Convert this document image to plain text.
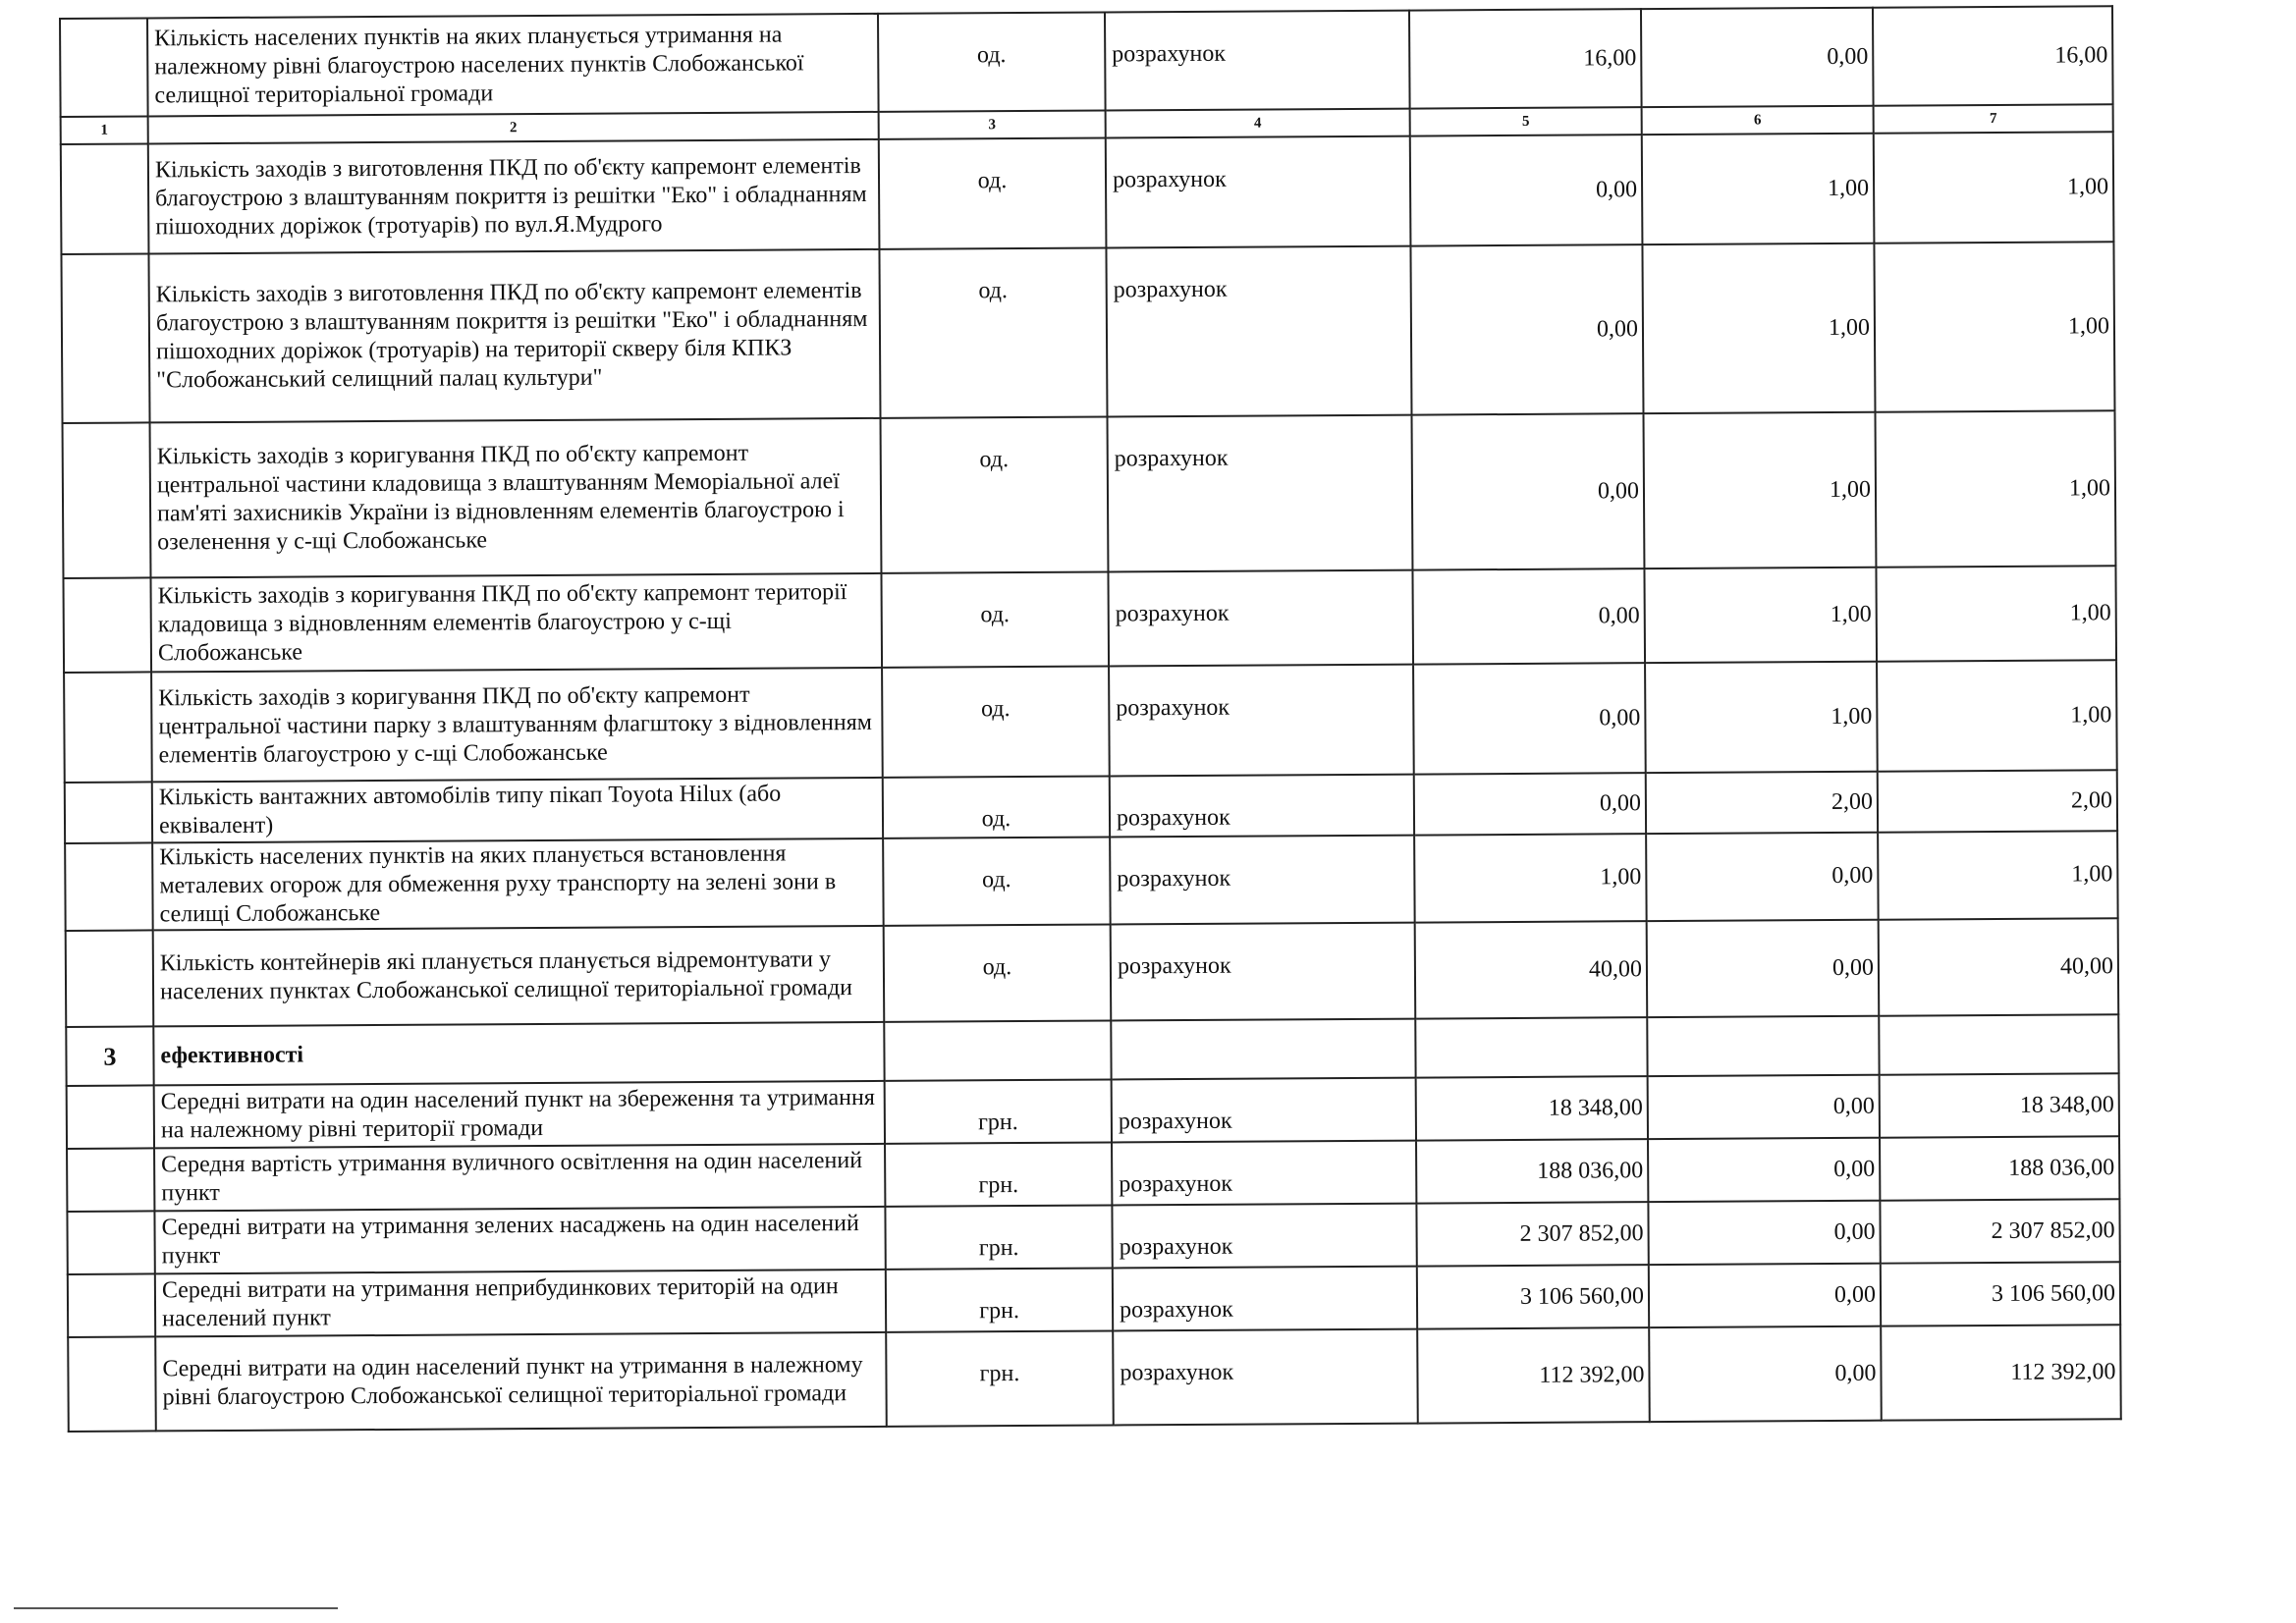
	Кількість населених пунктів на яких планується утримання на належному рівні благоустрою населених пунктів Слобожанської селищної територіальної громади	од.	розрахунок	16,00	0,00	16,00
1	2	3	4	5	6	7
	Кількість заходів з виготовлення ПКД по об'єкту капремонт елементів благоустрою з влаштуванням покриття із решітки "Еко" і обладнанням пішоходних доріжок (тротуарів) по вул.Я.Мудрого	од.	розрахунок	0,00	1,00	1,00
	Кількість заходів з виготовлення ПКД по об'єкту капремонт елементів благоустрою з влаштуванням покриття із решітки "Еко" і обладнанням пішоходних доріжок (тротуарів) на території скверу біля КПКЗ "Слобожанський селищний палац культури"	од.	розрахунок	0,00	1,00	1,00
	Кількість заходів з коригування ПКД по об'єкту капремонт центральної частини кладовища з влаштуванням Меморіальної алеї пам'яті захисників України із відновленням елементів благоустрою і озеленення у с-щі Слобожанське	од.	розрахунок	0,00	1,00	1,00
	Кількість заходів з коригування ПКД по об'єкту капремонт території кладовища з відновленням елементів благоустрою у с-щі Слобожанське	од.	розрахунок	0,00	1,00	1,00
	Кількість заходів з коригування ПКД по об'єкту капремонт центральної частини парку з влаштуванням флагштоку з відновленням елементів благоустрою у с-щі Слобожанське	од.	розрахунок	0,00	1,00	1,00
	Кількість вантажних автомобілів типу пікап Toyota Hilux (або еквівалент)	од.	розрахунок	0,00	2,00	2,00
	Кількість населених пунктів на яких планується встановлення металевих огорож для обмеження руху транспорту на зелені зони в селищі Слобожанське	од.	розрахунок	1,00	0,00	1,00
	Кількість контейнерів які планується планується відремонтувати у населених пунктах Слобожанської селищної територіальної громади	од.	розрахунок	40,00	0,00	40,00
3	ефективності					
	Середні витрати на один населений пункт на збереження та утримання на належному рівні території громади	грн.	розрахунок	18 348,00	0,00	18 348,00
	Середня вартість утримання вуличного освітлення на один населений пункт	грн.	розрахунок	188 036,00	0,00	188 036,00
	Середні витрати на утримання зелених насаджень на один населений пункт	грн.	розрахунок	2 307 852,00	0,00	2 307 852,00
	Середні витрати на утримання неприбудинкових територій на один населений пункт	грн.	розрахунок	3 106 560,00	0,00	3 106 560,00
	Середні витрати на один населений пункт на утримання в належному рівні благоустрою Слобожанської селищної територіальної громади	грн.	розрахунок	112 392,00	0,00	112 392,00
